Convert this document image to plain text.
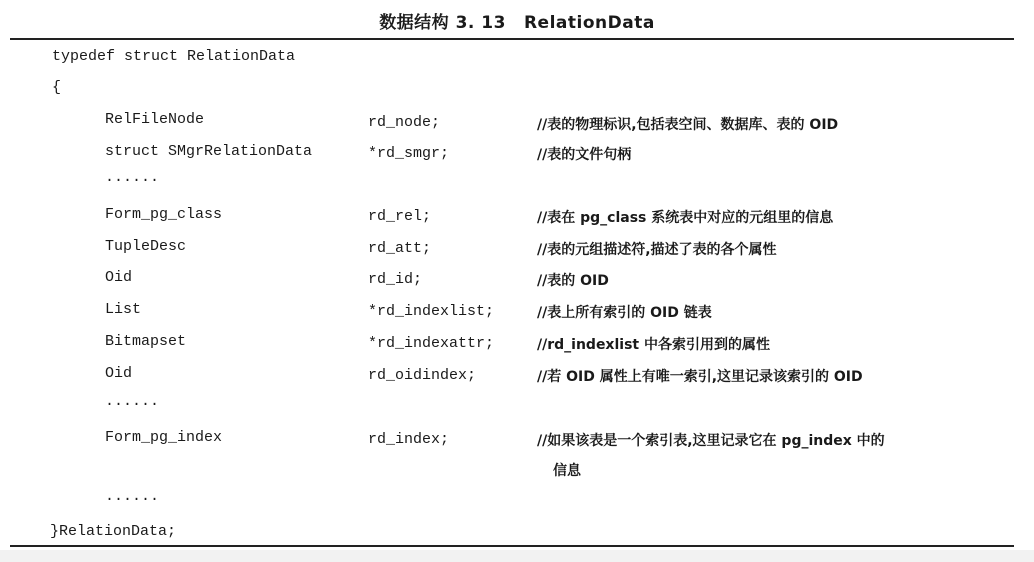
数据结构 3. 13 RelationData
typedef struct RelationData
{
RelFileNode	rd_node;	//表的物理标识,包括表空间、数据库、表的 OID
struct SMgrRelationData	*rd_smgr;	//表的文件句柄
......
Form_pg_class	rd_rel;	//表在 pg_class 系统表中对应的元组里的信息
TupleDesc	rd_att;	//表的元组描述符,描述了表的各个属性
Oid	rd_id;	//表的 OID
List	*rd_indexlist;	//表上所有索引的 OID 链表
Bitmapset	*rd_indexattr;	//rd_indexlist 中各索引用到的属性
Oid	rd_oidindex;	//若 OID 属性上有唯一索引,这里记录该索引的 OID
......
Form_pg_index	rd_index;	//如果该表是一个索引表,这里记录它在 pg_index 中的
信息
......
}RelationData;
